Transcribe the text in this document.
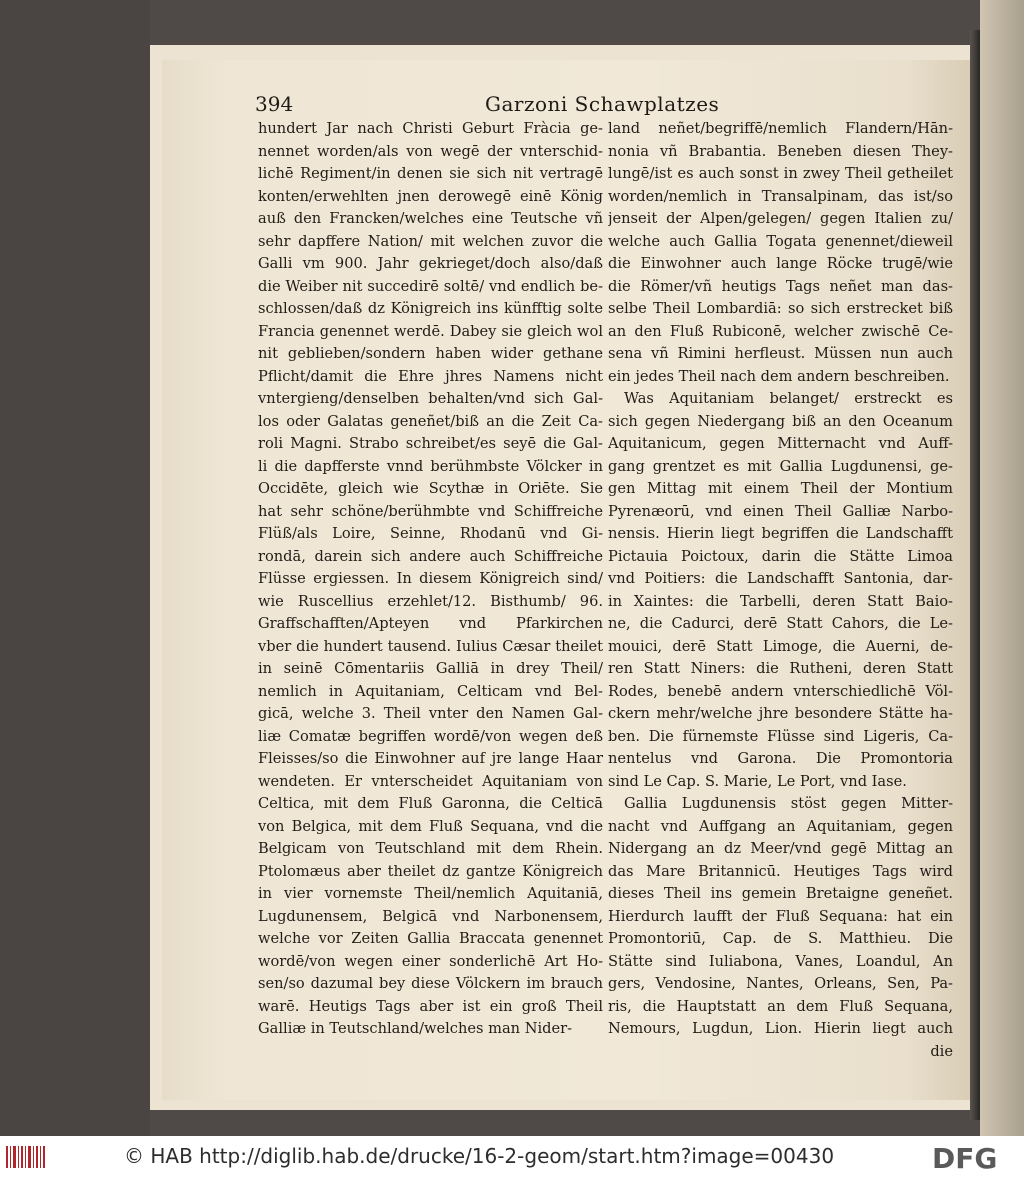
394	Garzoni Schawplatzes
hundert Jar nach Christi Geburt Fràcia ge-
nennet worden/als von wegē der vnterschid-
lichē Regiment/in denen sie sich nit vertragē
konten/erwehlten jnen derowegē einē König
auß den Francken/welches eine Teutsche vñ
sehr dapffere Nation/ mit welchen zuvor die
Galli vm 900. Jahr gekrieget/doch also/daß
die Weiber nit succedirē soltē/ vnd endlich be-
schlossen/daß dz Königreich ins künfftig solte
Francia genennet werdē. Dabey sie gleich wol
nit geblieben/sondern haben wider gethane
Pflicht/damit die Ehre jhres Namens nicht
vntergieng/denselben behalten/vnd sich Gal-
los oder Galatas geneñet/biß an die Zeit Ca-
roli Magni. Strabo schreibet/es seyē die Gal-
li die dapfferste vnnd berühmbste Völcker in
Occidēte, gleich wie Scythæ in Oriēte. Sie
hat sehr schöne/berühmbte vnd Schiffreiche
Flüß/als Loire, Seinne, Rhodanū vnd Gi-
rondā, darein sich andere auch Schiffreiche
Flüsse ergiessen. In diesem Königreich sind/
wie Ruscellius erzehlet/12. Bisthumb/ 96.
Graffschafften/Apteyen vnd Pfarkirchen
vber die hundert tausend. Iulius Cæsar theilet
in seinē Cōmentariis Galliā in drey Theil/
nemlich in Aquitaniam, Celticam vnd Bel-
gicā, welche 3. Theil vnter den Namen Gal-
liæ Comatæ begriffen wordē/von wegen deß
Fleisses/so die Einwohner auf jre lange Haar
wendeten. Er vnterscheidet Aquitaniam von
Celtica, mit dem Fluß Garonna, die Celticā
von Belgica, mit dem Fluß Sequana, vnd die
Belgicam von Teutschland mit dem Rhein.
Ptolomæus aber theilet dz gantze Königreich
in vier vornemste Theil/nemlich Aquitaniā,
Lugdunensem, Belgicā vnd Narbonensem,
welche vor Zeiten Gallia Braccata genennet
wordē/von wegen einer sonderlichē Art Ho-
sen/so dazumal bey diese Völckern im brauch
warē. Heutigs Tags aber ist ein groß Theil
Galliæ in Teutschland/welches man Nider-
land neñet/begriffē/nemlich Flandern/Hān-
nonia vñ Brabantia. Beneben diesen They-
lungē/ist es auch sonst in zwey Theil getheilet
worden/nemlich in Transalpinam, das ist/so
jenseit der Alpen/gelegen/ gegen Italien zu/
welche auch Gallia Togata genennet/dieweil
die Einwohner auch lange Röcke trugē/wie
die Römer/vñ heutigs Tags neñet man das-
selbe Theil Lombardiā: so sich erstrecket biß
an den Fluß Rubiconē, welcher zwischē Ce-
sena vñ Rimini herfleust. Müssen nun auch
ein jedes Theil nach dem andern beschreiben.
Was Aquitaniam belanget/ erstreckt es
sich gegen Niedergang biß an den Oceanum
Aquitanicum, gegen Mitternacht vnd Auff-
gang grentzet es mit Gallia Lugdunensi, ge-
gen Mittag mit einem Theil der Montium
Pyrenæorū, vnd einen Theil Galliæ Narbo-
nensis. Hierin liegt begriffen die Landschafft
Pictauia Poictoux, darin die Stätte Limoa
vnd Poitiers: die Landschafft Santonia, dar-
in Xaintes: die Tarbelli, deren Statt Baio-
ne, die Cadurci, derē Statt Cahors, die Le-
mouici, derē Statt Limoge, die Auerni, de-
ren Statt Niners: die Rutheni, deren Statt
Rodes, benebē andern vnterschiedlichē Völ-
ckern mehr/welche jhre besondere Stätte ha-
ben. Die fürnemste Flüsse sind Ligeris, Ca-
nentelus vnd Garona. Die Promontoria
sind Le Cap. S. Marie, Le Port, vnd Iase.
Gallia Lugdunensis stöst gegen Mitter-
nacht vnd Auffgang an Aquitaniam, gegen
Nidergang an dz Meer/vnd gegē Mittag an
das Mare Britannicū. Heutiges Tags wird
dieses Theil ins gemein Bretaigne geneñet.
Hierdurch laufft der Fluß Sequana: hat ein
Promontoriū, Cap. de S. Matthieu. Die
Stätte sind Iuliabona, Vanes, Loandul, An
gers, Vendosine, Nantes, Orleans, Sen, Pa-
ris, die Hauptstatt an dem Fluß Sequana,
Nemours, Lugdun, Lion. Hierin liegt auch
die
© HAB http://diglib.hab.de/drucke/16-2-geom/start.htm?image=00430	DFG
